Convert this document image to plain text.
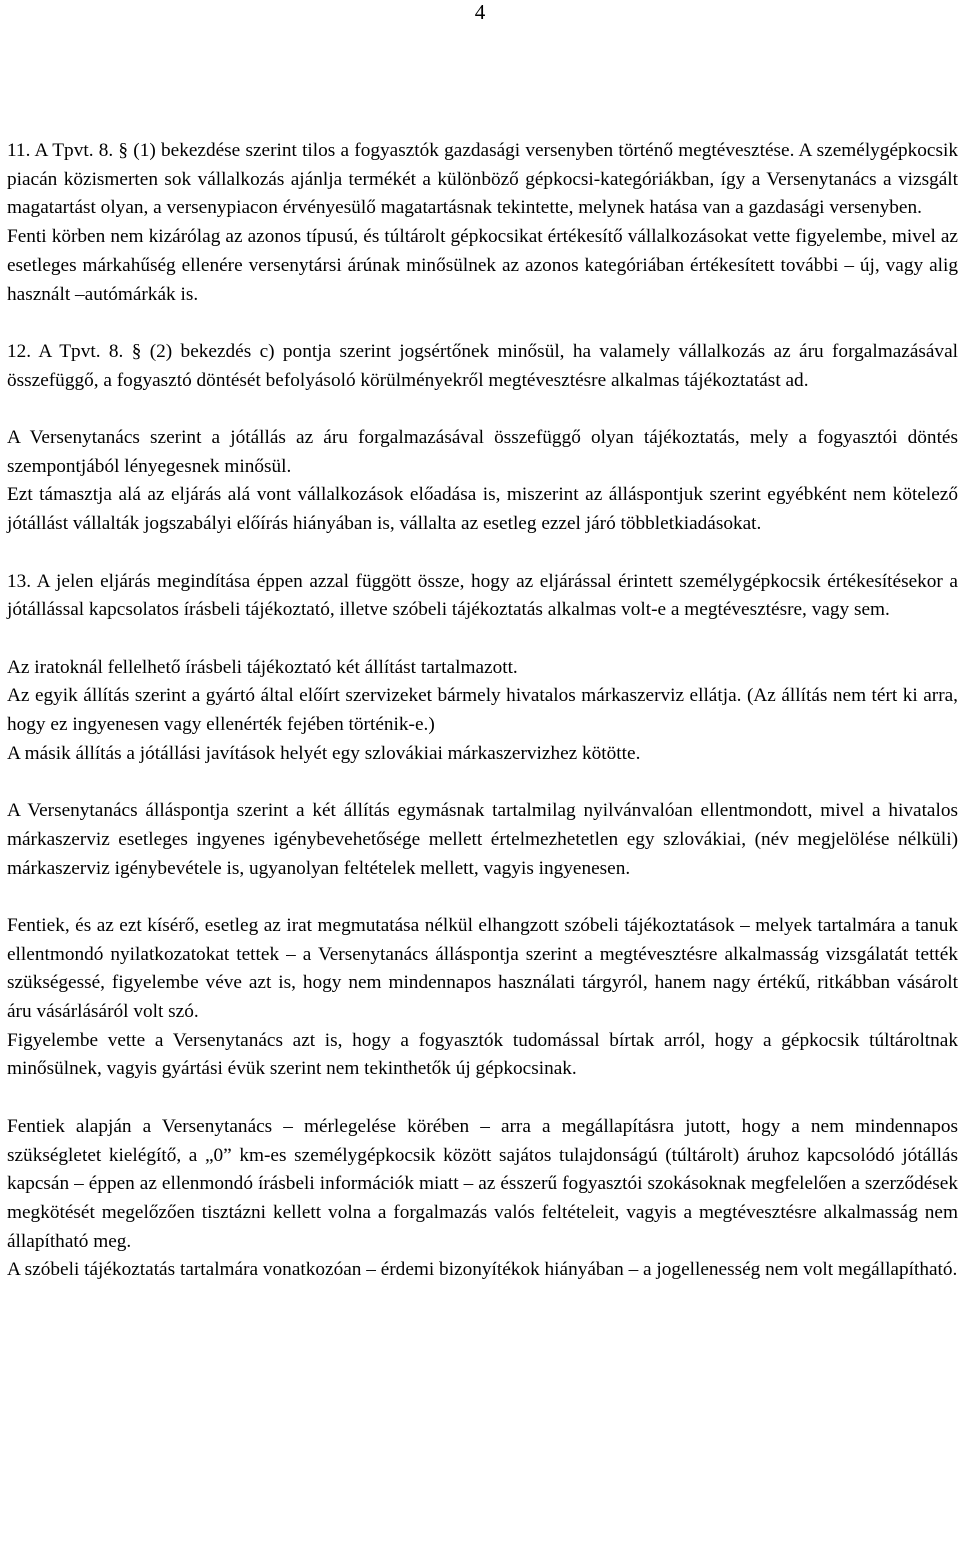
4

11. A Tpvt. 8. § (1) bekezdése szerint tilos a fogyasztók gazdasági versenyben történő megtévesztése. A személygépkocsik piacán közismerten sok vállalkozás ajánlja termékét a különböző gépkocsi-kategóriákban, így a Versenytanács a vizsgált magatartást olyan, a versenypiacon érvényesülő magatartásnak tekintette, melynek hatása van a gazdasági versenyben.

Fenti körben nem kizárólag az azonos típusú, és túltárolt gépkocsikat értékesítő vállalkozásokat vette figyelembe, mivel az esetleges márkahűség ellenére versenytársi árúnak minősülnek az azonos kategóriában értékesített további – új, vagy alig használt –autómárkák is.

12. A Tpvt. 8. § (2) bekezdés c) pontja szerint jogsértőnek minősül, ha valamely vállalkozás az áru forgalmazásával összefüggő, a fogyasztó döntését befolyásoló körülményekről megtévesztésre alkalmas tájékoztatást ad.

A Versenytanács szerint a jótállás az áru forgalmazásával összefüggő olyan tájékoztatás, mely a fogyasztói döntés szempontjából lényegesnek minősül.

Ezt támasztja alá az eljárás alá vont vállalkozások előadása is, miszerint az álláspontjuk szerint egyébként nem kötelező jótállást vállalták jogszabályi előírás hiányában is, vállalta az esetleg ezzel járó többletkiadásokat.

13. A jelen eljárás megindítása éppen azzal függött össze, hogy az eljárással érintett személygépkocsik értékesítésekor a jótállással kapcsolatos írásbeli tájékoztató, illetve szóbeli tájékoztatás alkalmas volt-e a megtévesztésre, vagy sem.

Az iratoknál fellelhető írásbeli tájékoztató két állítást tartalmazott.

Az egyik állítás szerint a gyártó által előírt szervizeket bármely hivatalos márkaszerviz ellátja. (Az állítás nem tért ki arra, hogy ez ingyenesen vagy ellenérték fejében történik-e.)

A másik állítás a jótállási javítások helyét egy szlovákiai márkaszervizhez kötötte.

A Versenytanács álláspontja szerint a két állítás egymásnak tartalmilag nyilvánvalóan ellentmondott, mivel a hivatalos márkaszerviz esetleges ingyenes igénybevehetősége mellett értelmezhetetlen egy szlovákiai, (név megjelölése nélküli) márkaszerviz igénybevétele is, ugyanolyan feltételek mellett, vagyis ingyenesen.

Fentiek, és az ezt kísérő, esetleg az irat megmutatása nélkül elhangzott szóbeli tájékoztatások – melyek tartalmára a tanuk ellentmondó nyilatkozatokat tettek – a Versenytanács álláspontja szerint a megtévesztésre alkalmasság vizsgálatát tették szükségessé, figyelembe véve azt is, hogy nem mindennapos használati tárgyról, hanem nagy értékű, ritkábban vásárolt áru vásárlásáról volt szó.

Figyelembe vette a Versenytanács azt is, hogy a fogyasztók tudomással bírtak arról, hogy a gépkocsik túltároltnak minősülnek, vagyis gyártási évük szerint nem tekinthetők új gépkocsinak.

Fentiek alapján a Versenytanács – mérlegelése körében – arra a megállapításra jutott, hogy a nem mindennapos szükségletet kielégítő, a „0” km-es személygépkocsik között sajátos tulajdonságú (túltárolt) áruhoz kapcsolódó jótállás kapcsán – éppen az ellenmondó írásbeli információk miatt – az ésszerű fogyasztói szokásoknak megfelelően a szerződések megkötését megelőzően tisztázni kellett volna a forgalmazás valós feltételeit, vagyis a megtévesztésre alkalmasság nem állapítható meg.

A szóbeli tájékoztatás tartalmára vonatkozóan – érdemi bizonyítékok hiányában – a jogellenesség nem volt megállapítható.
